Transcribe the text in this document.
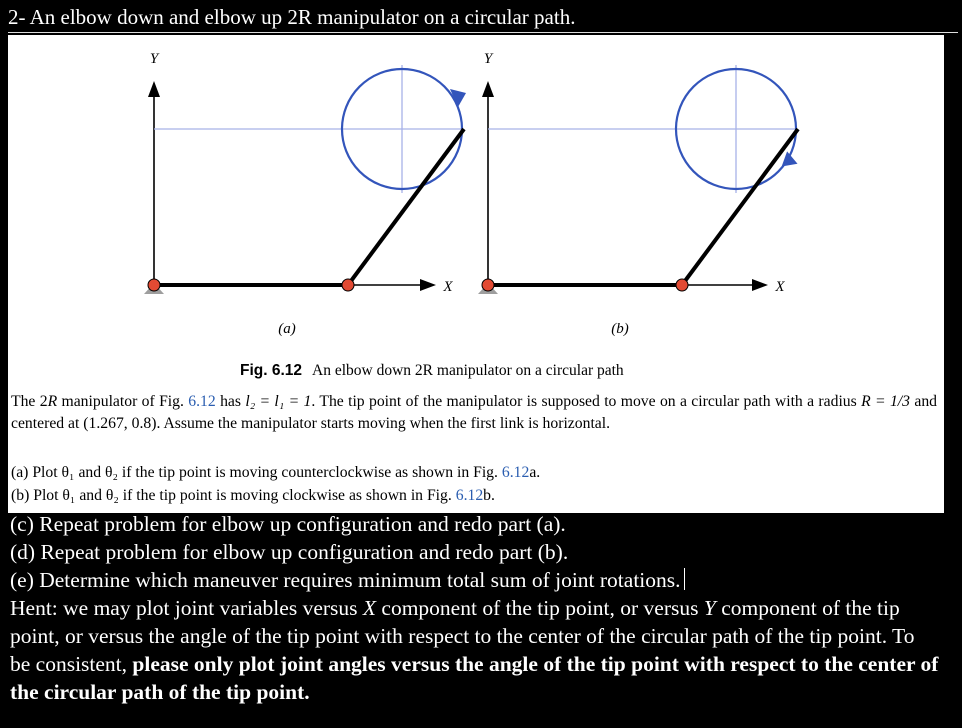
2- An elbow down and elbow up 2R manipulator on a circular path.
Y
X
(a)
Y
X
(b)
Fig. 6.12 An elbow down 2R manipulator on a circular path

The 2R manipulator of Fig. 6.12 has l₂ = l₁ = 1. The tip point of the manipulator is supposed to move on a circular path with a radius R = 1/3 and centered at (1.267, 0.8). Assume the manipulator starts moving when the first link is horizontal.

(a) Plot θ₁ and θ₂ if the tip point is moving counterclockwise as shown in Fig. 6.12a.
(b) Plot θ₁ and θ₂ if the tip point is moving clockwise as shown in Fig. 6.12b.

(c) Repeat problem for elbow up configuration and redo part (a).

(d) Repeat problem for elbow up configuration and redo part (b).

(e) Determine which maneuver requires minimum total sum of joint rotations.

Hent: we may plot joint variables versus X component of the tip point, or versus Y component of the tip point, or versus the angle of the tip point with respect to the center of the circular path of the tip point. To be consistent, please only plot joint angles versus the angle of the tip point with respect to the center of the circular path of the tip point.
